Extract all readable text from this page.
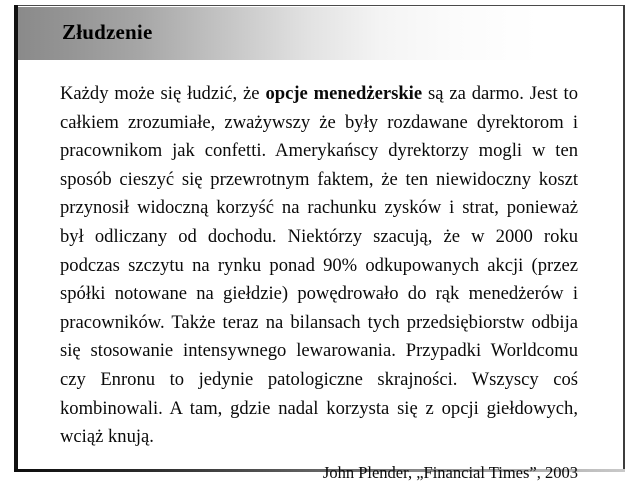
Złudzenie

Każdy może się łudzić, że opcje menedżerskie są za darmo. Jest to całkiem zrozumiałe, zważywszy że były rozdawane dyrektorom i pracownikom jak confetti. Amerykańscy dyrektorzy mogli w ten sposób cieszyć się przewrotnym faktem, że ten niewidoczny koszt przynosił widoczną korzyść na rachunku zysków i strat, ponieważ był odliczany od dochodu. Niektórzy szacują, że w 2000 roku podczas szczytu na rynku ponad 90% odkupowanych akcji (przez spółki notowane na giełdzie) powędrowało do rąk menedżerów i pracowników. Także teraz na bilansach tych przedsiębiorstw odbija się stosowanie intensywnego lewarowania. Przypadki Worldcomu czy Enronu to jedynie patologiczne skrajności. Wszyscy coś kombinowali. A tam, gdzie nadal korzysta się z opcji giełdowych, wciąż knują.

John Plender, „Financial Times”, 2003
